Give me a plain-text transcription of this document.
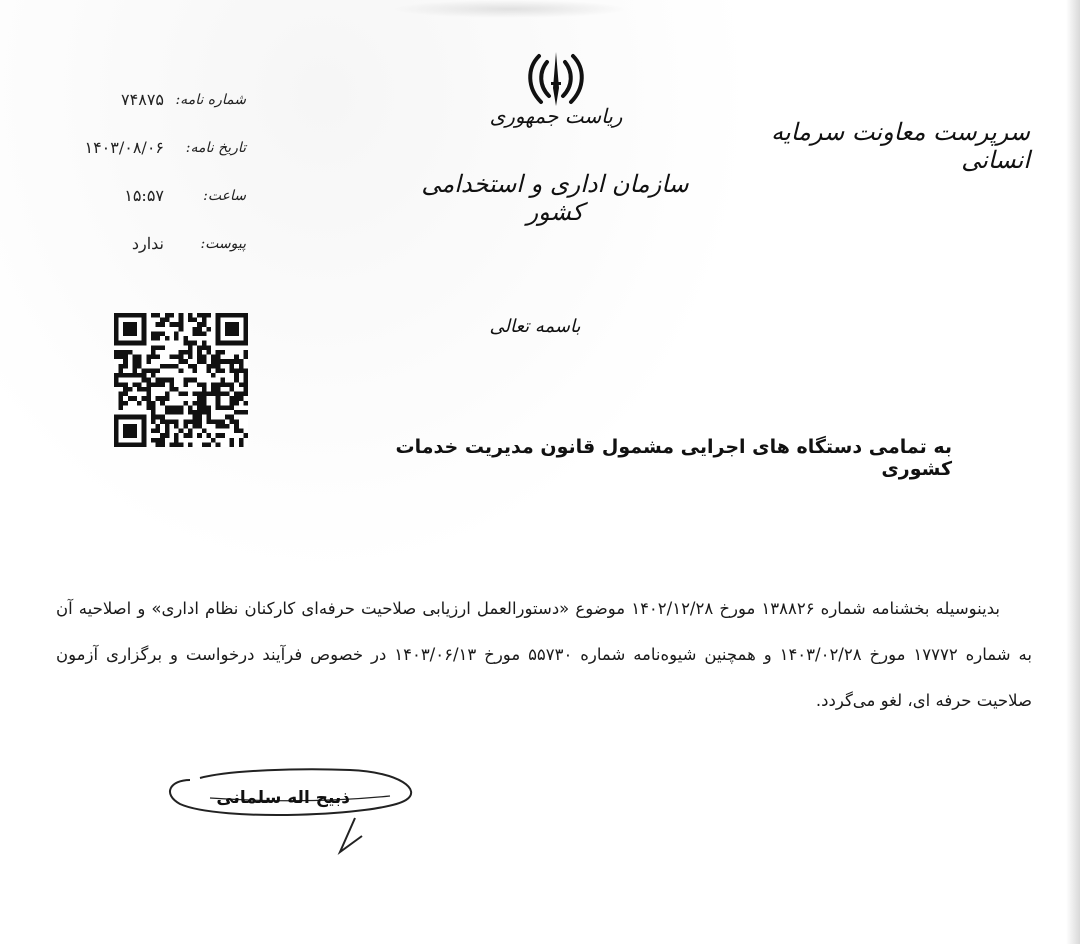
شماره نامه:
۷۴۸۷۵
تاریخ نامه:
۱۴۰۳/۰۸/۰۶
ساعت:
۱۵:۵۷
پیوست:
ندارد
ریاست جمهوری
سازمان اداری و استخدامی کشور
سرپرست معاونت سرمایه انسانی
باسمه تعالی
به تمامی دستگاه های اجرایی مشمول قانون مدیریت خدمات کشوری

بدینوسیله بخشنامه شماره ۱۳۸۸۲۶ مورخ ۱۴۰۲/۱۲/۲۸ موضوع «دستورالعمل ارزیابی صلاحیت حرفه‌ای کارکنان نظام اداری» و اصلاحیه آن به شماره ۱۷۷۷۲ مورخ ۱۴۰۳/۰۲/۲۸ و همچنین شیوه‌نامه شماره ۵۵۷۳۰ مورخ ۱۴۰۳/۰۶/۱۳ در خصوص فرآیند درخواست و برگزاری آزمون صلاحیت حرفه ای، لغو می‌گردد.

ذبیح اله سلمانی
